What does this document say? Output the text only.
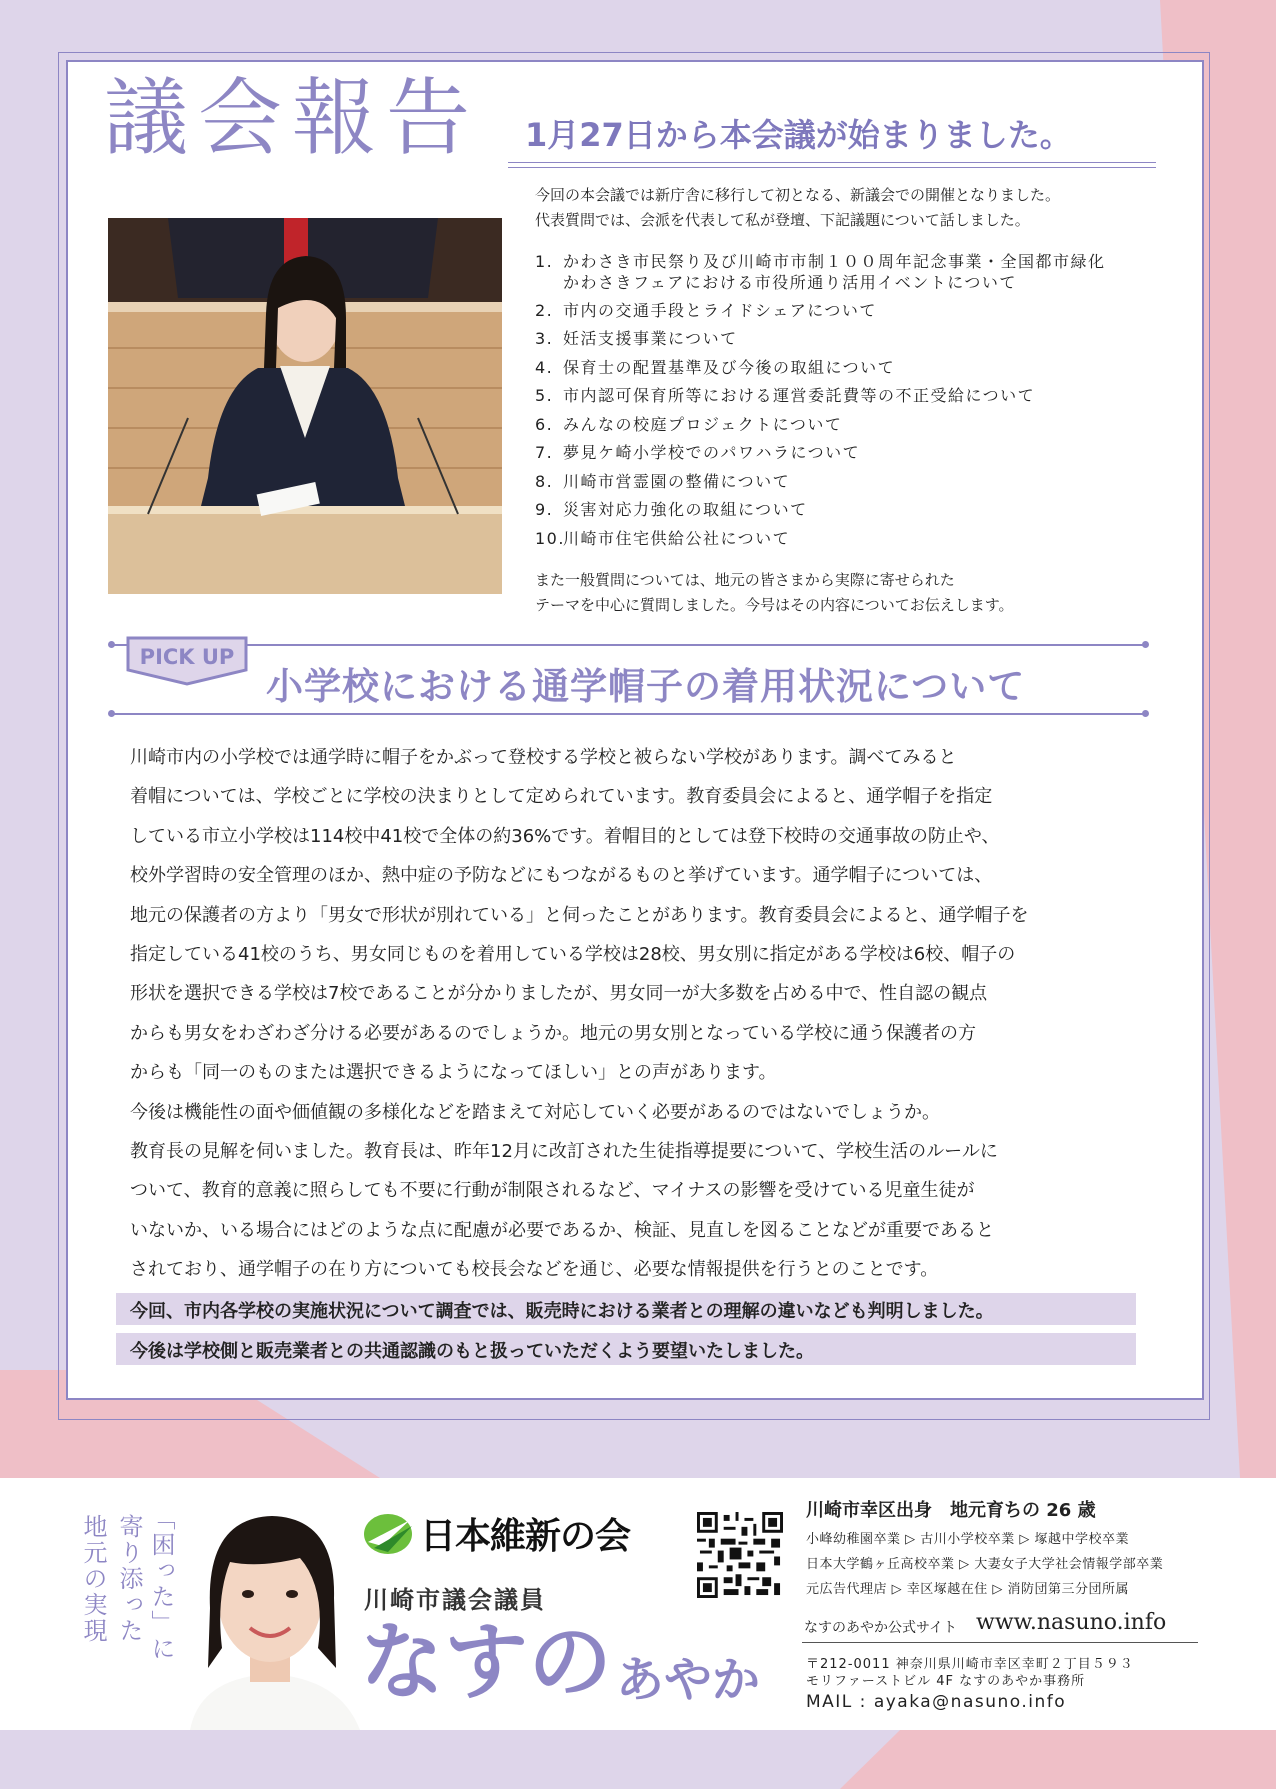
議会報告 1月27日から本会議が始まりました。

今回の本会議では新庁舎に移行して初となる、新議会での開催となりました。
代表質問では、会派を代表して私が登壇、下記議題について話しました。

1. かわさき市民祭り及び川崎市市制１００周年記念事業・全国都市緑化
かわさきフェアにおける市役所通り活用イベントについて
2. 市内の交通手段とライドシェアについて
3. 妊活支援事業について
4. 保育士の配置基準及び今後の取組について
5. 市内認可保育所等における運営委託費等の不正受給について
6. みんなの校庭プロジェクトについて
7. 夢見ケ崎小学校でのパワハラについて
8. 川崎市営霊園の整備について
9. 災害対応力強化の取組について
10.川崎市住宅供給公社について

また一般質問については、地元の皆さまから実際に寄せられた
テーマを中心に質問しました。今号はその内容についてお伝えします。

PICK UP
小学校における通学帽子の着用状況について

川崎市内の小学校では通学時に帽子をかぶって登校する学校と被らない学校があります。調べてみると

着帽については、学校ごとに学校の決まりとして定められています。教育委員会によると、通学帽子を指定

している市立小学校は114校中41校で全体の約36%です。着帽目的としては登下校時の交通事故の防止や、

校外学習時の安全管理のほか、熱中症の予防などにもつながるものと挙げています。通学帽子については、

地元の保護者の方より「男女で形状が別れている」と伺ったことがあります。教育委員会によると、通学帽子を

指定している41校のうち、男女同じものを着用している学校は28校、男女別に指定がある学校は6校、帽子の

形状を選択できる学校は7校であることが分かりましたが、男女同一が大多数を占める中で、性自認の観点

からも男女をわざわざ分ける必要があるのでしょうか。地元の男女別となっている学校に通う保護者の方

からも「同一のものまたは選択できるようになってほしい」との声があります。

今後は機能性の面や価値観の多様化などを踏まえて対応していく必要があるのではないでしょうか。

教育長の見解を伺いました。教育長は、昨年12月に改訂された生徒指導提要について、学校生活のルールに

ついて、教育的意義に照らしても不要に行動が制限されるなど、マイナスの影響を受けている児童生徒が

いないか、いる場合にはどのような点に配慮が必要であるか、検証、見直しを図ることなどが重要であると

されており、通学帽子の在り方についても校長会などを通じ、必要な情報提供を行うとのことです。

今回、市内各学校の実施状況について調査では、販売時における業者との理解の違いなども判明しました。
今後は学校側と販売業者との共通認識のもと扱っていただくよう要望いたしました。

「困った」に

寄り添った

地元の実現	日本維新の会
川崎市議会議員
なすの あやか
川崎市幸区出身　地元育ちの 26 歳
小峰幼稚園卒業 ▷ 古川小学校卒業 ▷ 塚越中学校卒業
日本大学鶴ヶ丘高校卒業 ▷ 大妻女子大学社会情報学部卒業
元広告代理店 ▷ 幸区塚越在住 ▷ 消防団第三分団所属
なすのあやか公式サイト www.nasuno.info
〒212-0011 神奈川県川崎市幸区幸町２丁目５９３
モリファーストビル 4F なすのあやか事務所
MAIL : ayaka@nasuno.info
